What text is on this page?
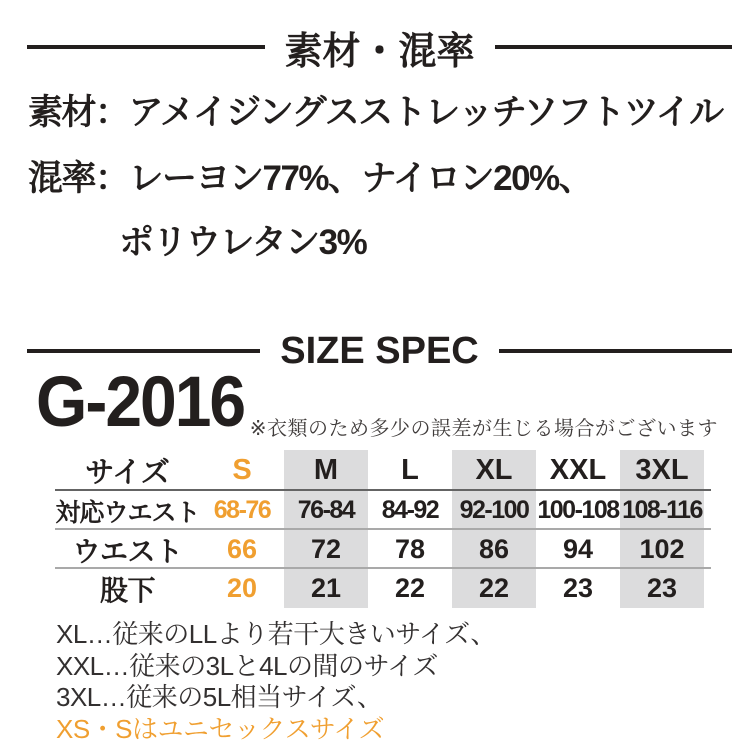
素材・混率
素材：アメイジングスストレッチソフトツイル
混率：レーヨン77%、ナイロン20%、
ポリウレタン3%
SIZE SPEC
G-2016 ※衣類のため多少の誤差が生じる場合がございます
サイズ	S	M	L	XL	XXL	3XL
対応ウエスト 68-76	76-84	84-92 92-100 100-108 108-116
ウエスト	66	72	78	86	94	102
股下	20	21	22	22	23	23
XL…従来のLLより若干大きいサイズ、
XXL…従来の3Lと4Lの間のサイズ
3XL…従来の5L相当サイズ、
XS・Sはユニセックスサイズ
